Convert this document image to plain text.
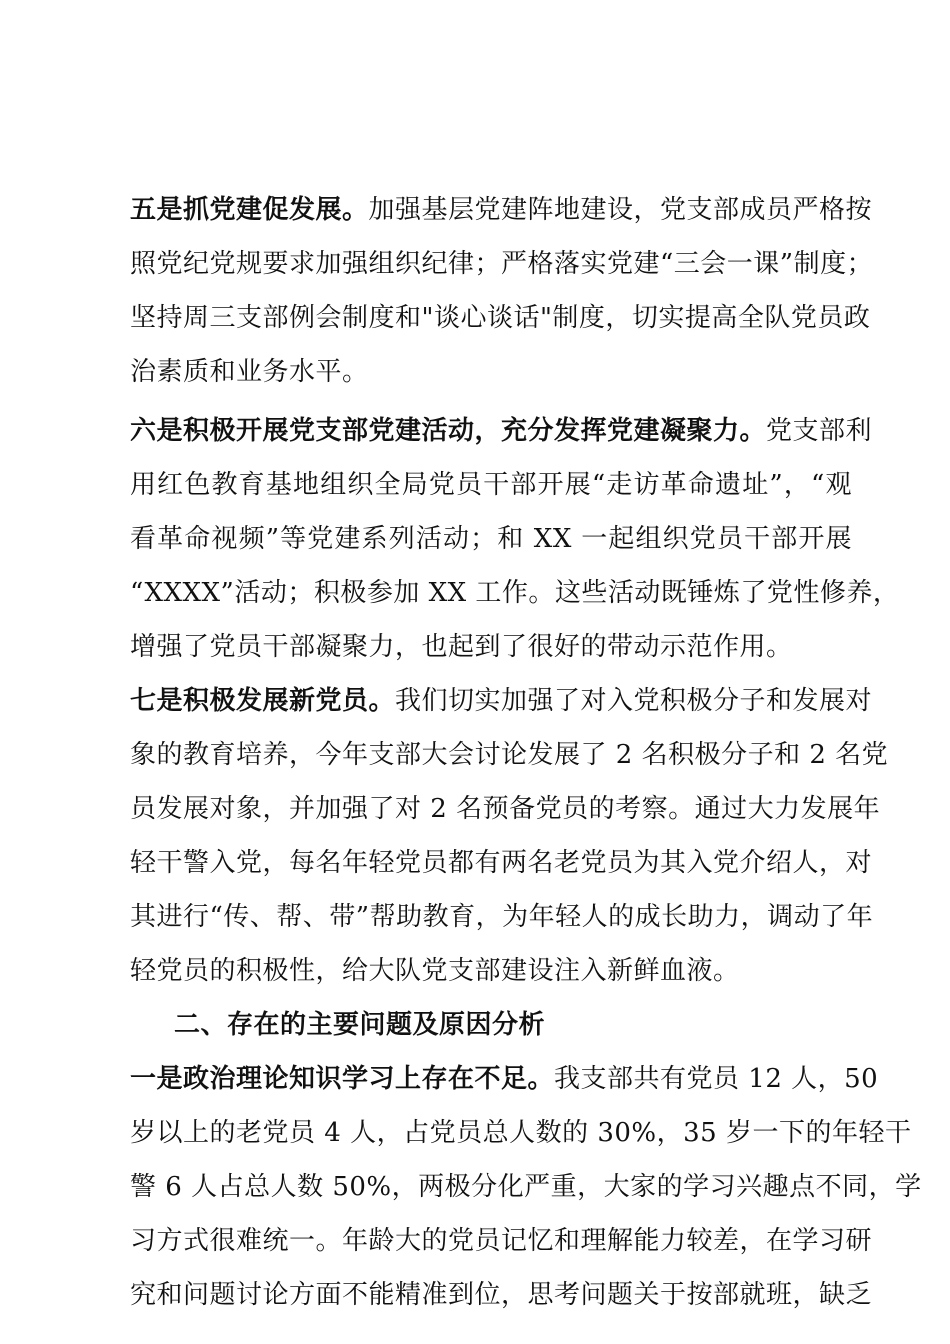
五是抓党建促发展。加强基层党建阵地建设，党支部成员严格按
照党纪党规要求加强组织纪律；严格落实党建“三会一课”制度；
坚持周三支部例会制度和"谈心谈话"制度，切实提高全队党员政
治素质和业务水平。
六是积极开展党支部党建活动，充分发挥党建凝聚力。党支部利
用红色教育基地组织全局党员干部开展“走访革命遗址”，“观
看革命视频”等党建系列活动；和 XX 一起组织党员干部开展
“XXXX”活动；积极参加 XX 工作。这些活动既锤炼了党性修养，
增强了党员干部凝聚力，也起到了很好的带动示范作用。
七是积极发展新党员。我们切实加强了对入党积极分子和发展对
象的教育培养，今年支部大会讨论发展了 2 名积极分子和 2 名党
员发展对象，并加强了对 2 名预备党员的考察。通过大力发展年
轻干警入党，每名年轻党员都有两名老党员为其入党介绍人，对
其进行“传、帮、带”帮助教育，为年轻人的成长助力，调动了年
轻党员的积极性，给大队党支部建设注入新鲜血液。
二、存在的主要问题及原因分析
一是政治理论知识学习上存在不足。我支部共有党员 12 人，50
岁以上的老党员 4 人，占党员总人数的 30%，35 岁一下的年轻干
警 6 人占总人数 50%，两极分化严重，大家的学习兴趣点不同，学
习方式很难统一。年龄大的党员记忆和理解能力较差，在学习研
究和问题讨论方面不能精准到位，思考问题关于按部就班，缺乏
